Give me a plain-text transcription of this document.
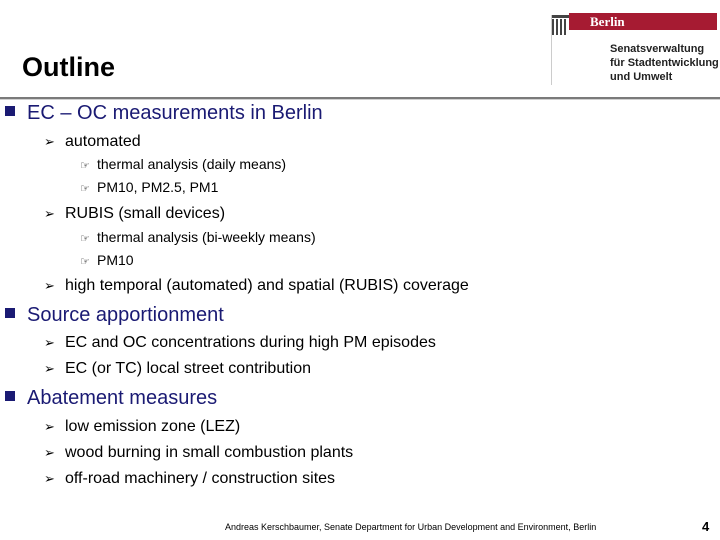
Outline
Berlin
Senatsverwaltung
für Stadtentwicklung
und Umwelt
EC – OC measurements in Berlin
➢ automated
☞ thermal analysis (daily means)
☞ PM10, PM2.5, PM1
➢ RUBIS (small devices)
☞ thermal analysis (bi-weekly means)
☞ PM10
➢ high temporal (automated) and spatial (RUBIS) coverage
Source apportionment
➢ EC and OC concentrations during high PM episodes
➢ EC (or TC) local street contribution
Abatement measures
➢ low emission zone (LEZ)
➢ wood burning in small combustion plants
➢ off-road machinery / construction sites
Andreas Kerschbaumer, Senate Department for Urban Development and Environment, Berlin	4
